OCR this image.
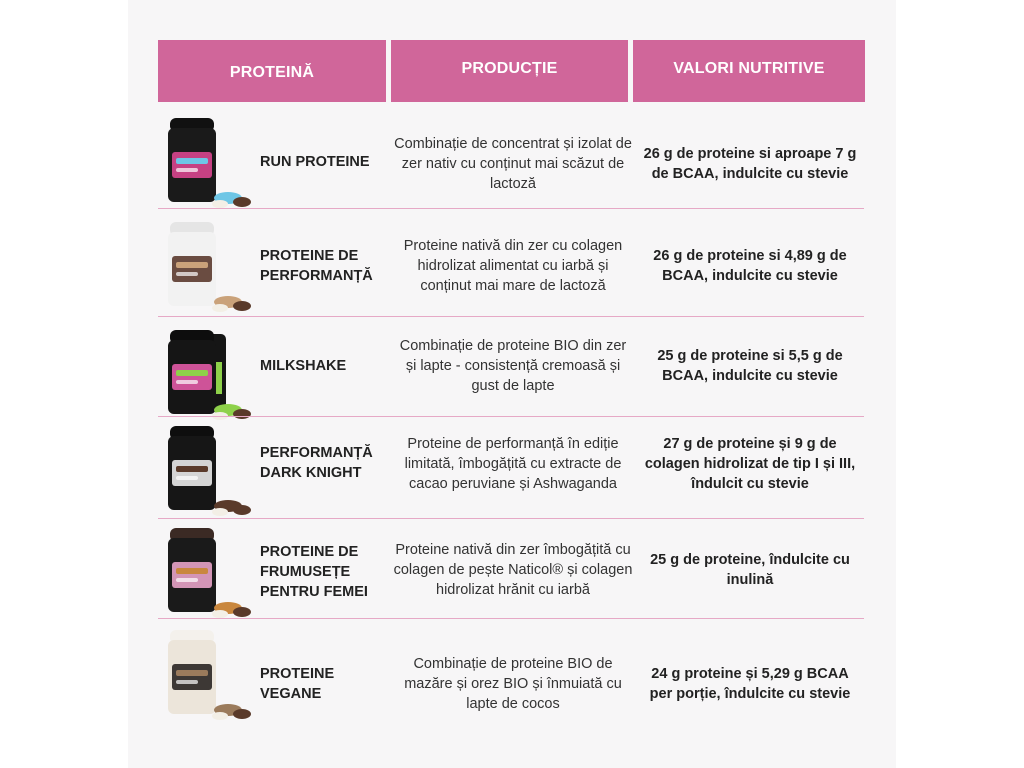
PROTEINĂ	PRODUCȚIE	VALORI NUTRITIVE
RUN PROTEINE
Combinație de concentrat și izolat de zer nativ cu conținut mai scăzut de lactoză
26 g de proteine si aproape 7 g de BCAA, indulcite cu stevie
PROTEINE DE PERFORMANȚĂ
Proteine nativă din zer cu colagen hidrolizat alimentat cu iarbă și conținut mai mare de lactoză
26 g de proteine si 4,89 g de BCAA, indulcite cu stevie
MILKSHAKE
Combinație de proteine BIO din zer și lapte - consistență cremoasă și gust de lapte
25 g de proteine si 5,5 g de BCAA, indulcite cu stevie
PERFORMANȚĂ DARK KNIGHT
Proteine de performanță în ediție limitată, îmbogățită cu extracte de cacao peruviane și Ashwaganda
27 g de proteine și 9 g de colagen hidrolizat de tip I și III, îndulcit cu stevie
PROTEINE DE FRUMUSEȚE PENTRU FEMEI
Proteine nativă din zer îmbogățită cu colagen de pește Naticol® și colagen hidrolizat hrănit cu iarbă
25 g de proteine, îndulcite cu inulină
PROTEINE VEGANE
Combinație de proteine BIO de mazăre și orez BIO și înmuiată cu lapte de cocos
24 g proteine și 5,29 g BCAA per porție, îndulcite cu stevie
